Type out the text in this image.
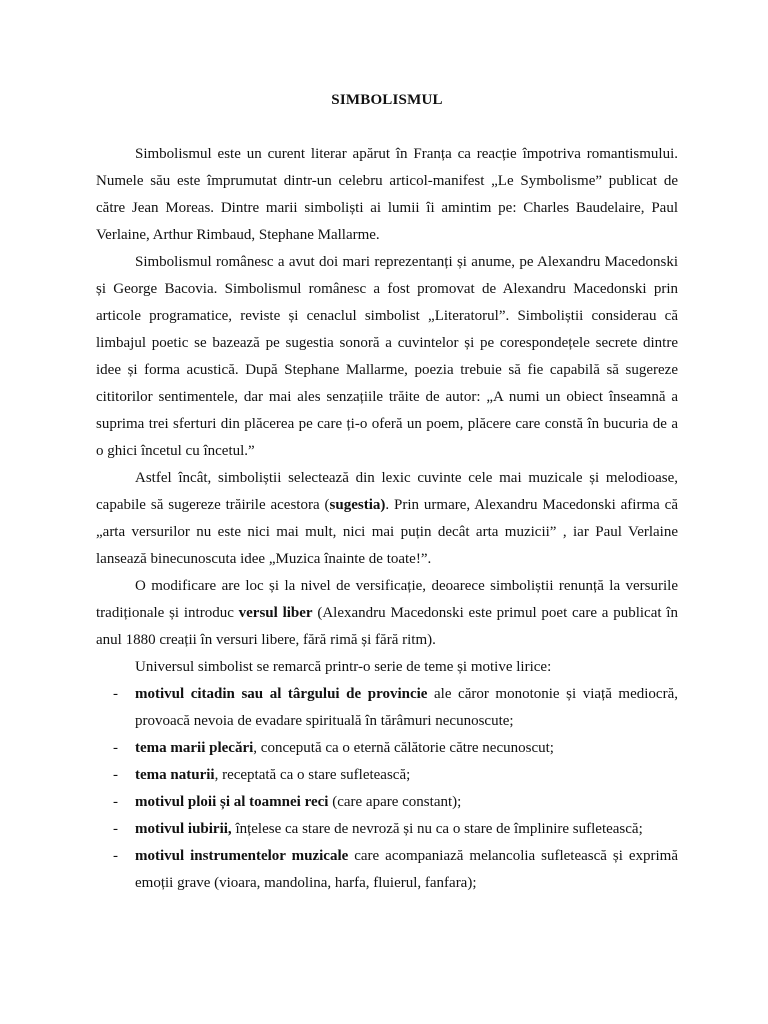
SIMBOLISMUL

Simbolismul este un curent literar apărut în Franța ca reacție împotriva romantismului. Numele său este împrumutat dintr-un celebru articol-manifest „Le Symbolisme” publicat de către Jean Moreas. Dintre marii simboliști ai lumii îi amintim pe: Charles Baudelaire, Paul Verlaine, Arthur Rimbaud, Stephane Mallarme.

Simbolismul românesc a avut doi mari reprezentanți și anume, pe Alexandru Macedonski și George Bacovia. Simbolismul românesc a fost promovat de Alexandru Macedonski prin articole programatice, reviste și cenaclul simbolist „Literatorul”. Simboliștii considerau că limbajul poetic se bazează pe sugestia sonoră a cuvintelor și pe corespondețele secrete dintre idee și forma acustică. După Stephane Mallarme, poezia trebuie să fie capabilă să sugereze cititorilor sentimentele, dar mai ales senzațiile trăite de autor: „A numi un obiect înseamnă a suprima trei sferturi din plăcerea pe care ți-o oferă un poem, plăcere care constă în bucuria de a o ghici încetul cu încetul.”

Astfel încât, simboliștii selectează din lexic cuvinte cele mai muzicale și melodioase, capabile să sugereze trăirile acestora (sugestia). Prin urmare, Alexandru Macedonski afirma că „arta versurilor nu este nici mai mult, nici mai puțin decât arta muzicii” , iar Paul Verlaine lansează binecunoscuta idee „Muzica înainte de toate!”.

O modificare are loc și la nivel de versificație, deoarece simboliștii renunță la versurile tradiționale și introduc versul liber (Alexandru Macedonski este primul poet care a publicat în anul 1880 creații în versuri libere, fără rimă și fără ritm).

Universul simbolist se remarcă printr-o serie de teme și motive lirice:

- motivul citadin sau al târgului de provincie ale căror monotonie și viață mediocră, provoacă nevoia de evadare spirituală în tărâmuri necunoscute;
- tema marii plecări, concepută ca o eternă călătorie către necunoscut;
- tema naturii, receptată ca o stare sufletească;
- motivul ploii și al toamnei reci (care apare constant);
- motivul iubirii, înțelese ca stare de nevroză și nu ca o stare de împlinire sufletească;
- motivul instrumentelor muzicale care acompaniază melancolia sufletească și exprimă emoții grave (vioara, mandolina, harfa, fluierul, fanfara);
